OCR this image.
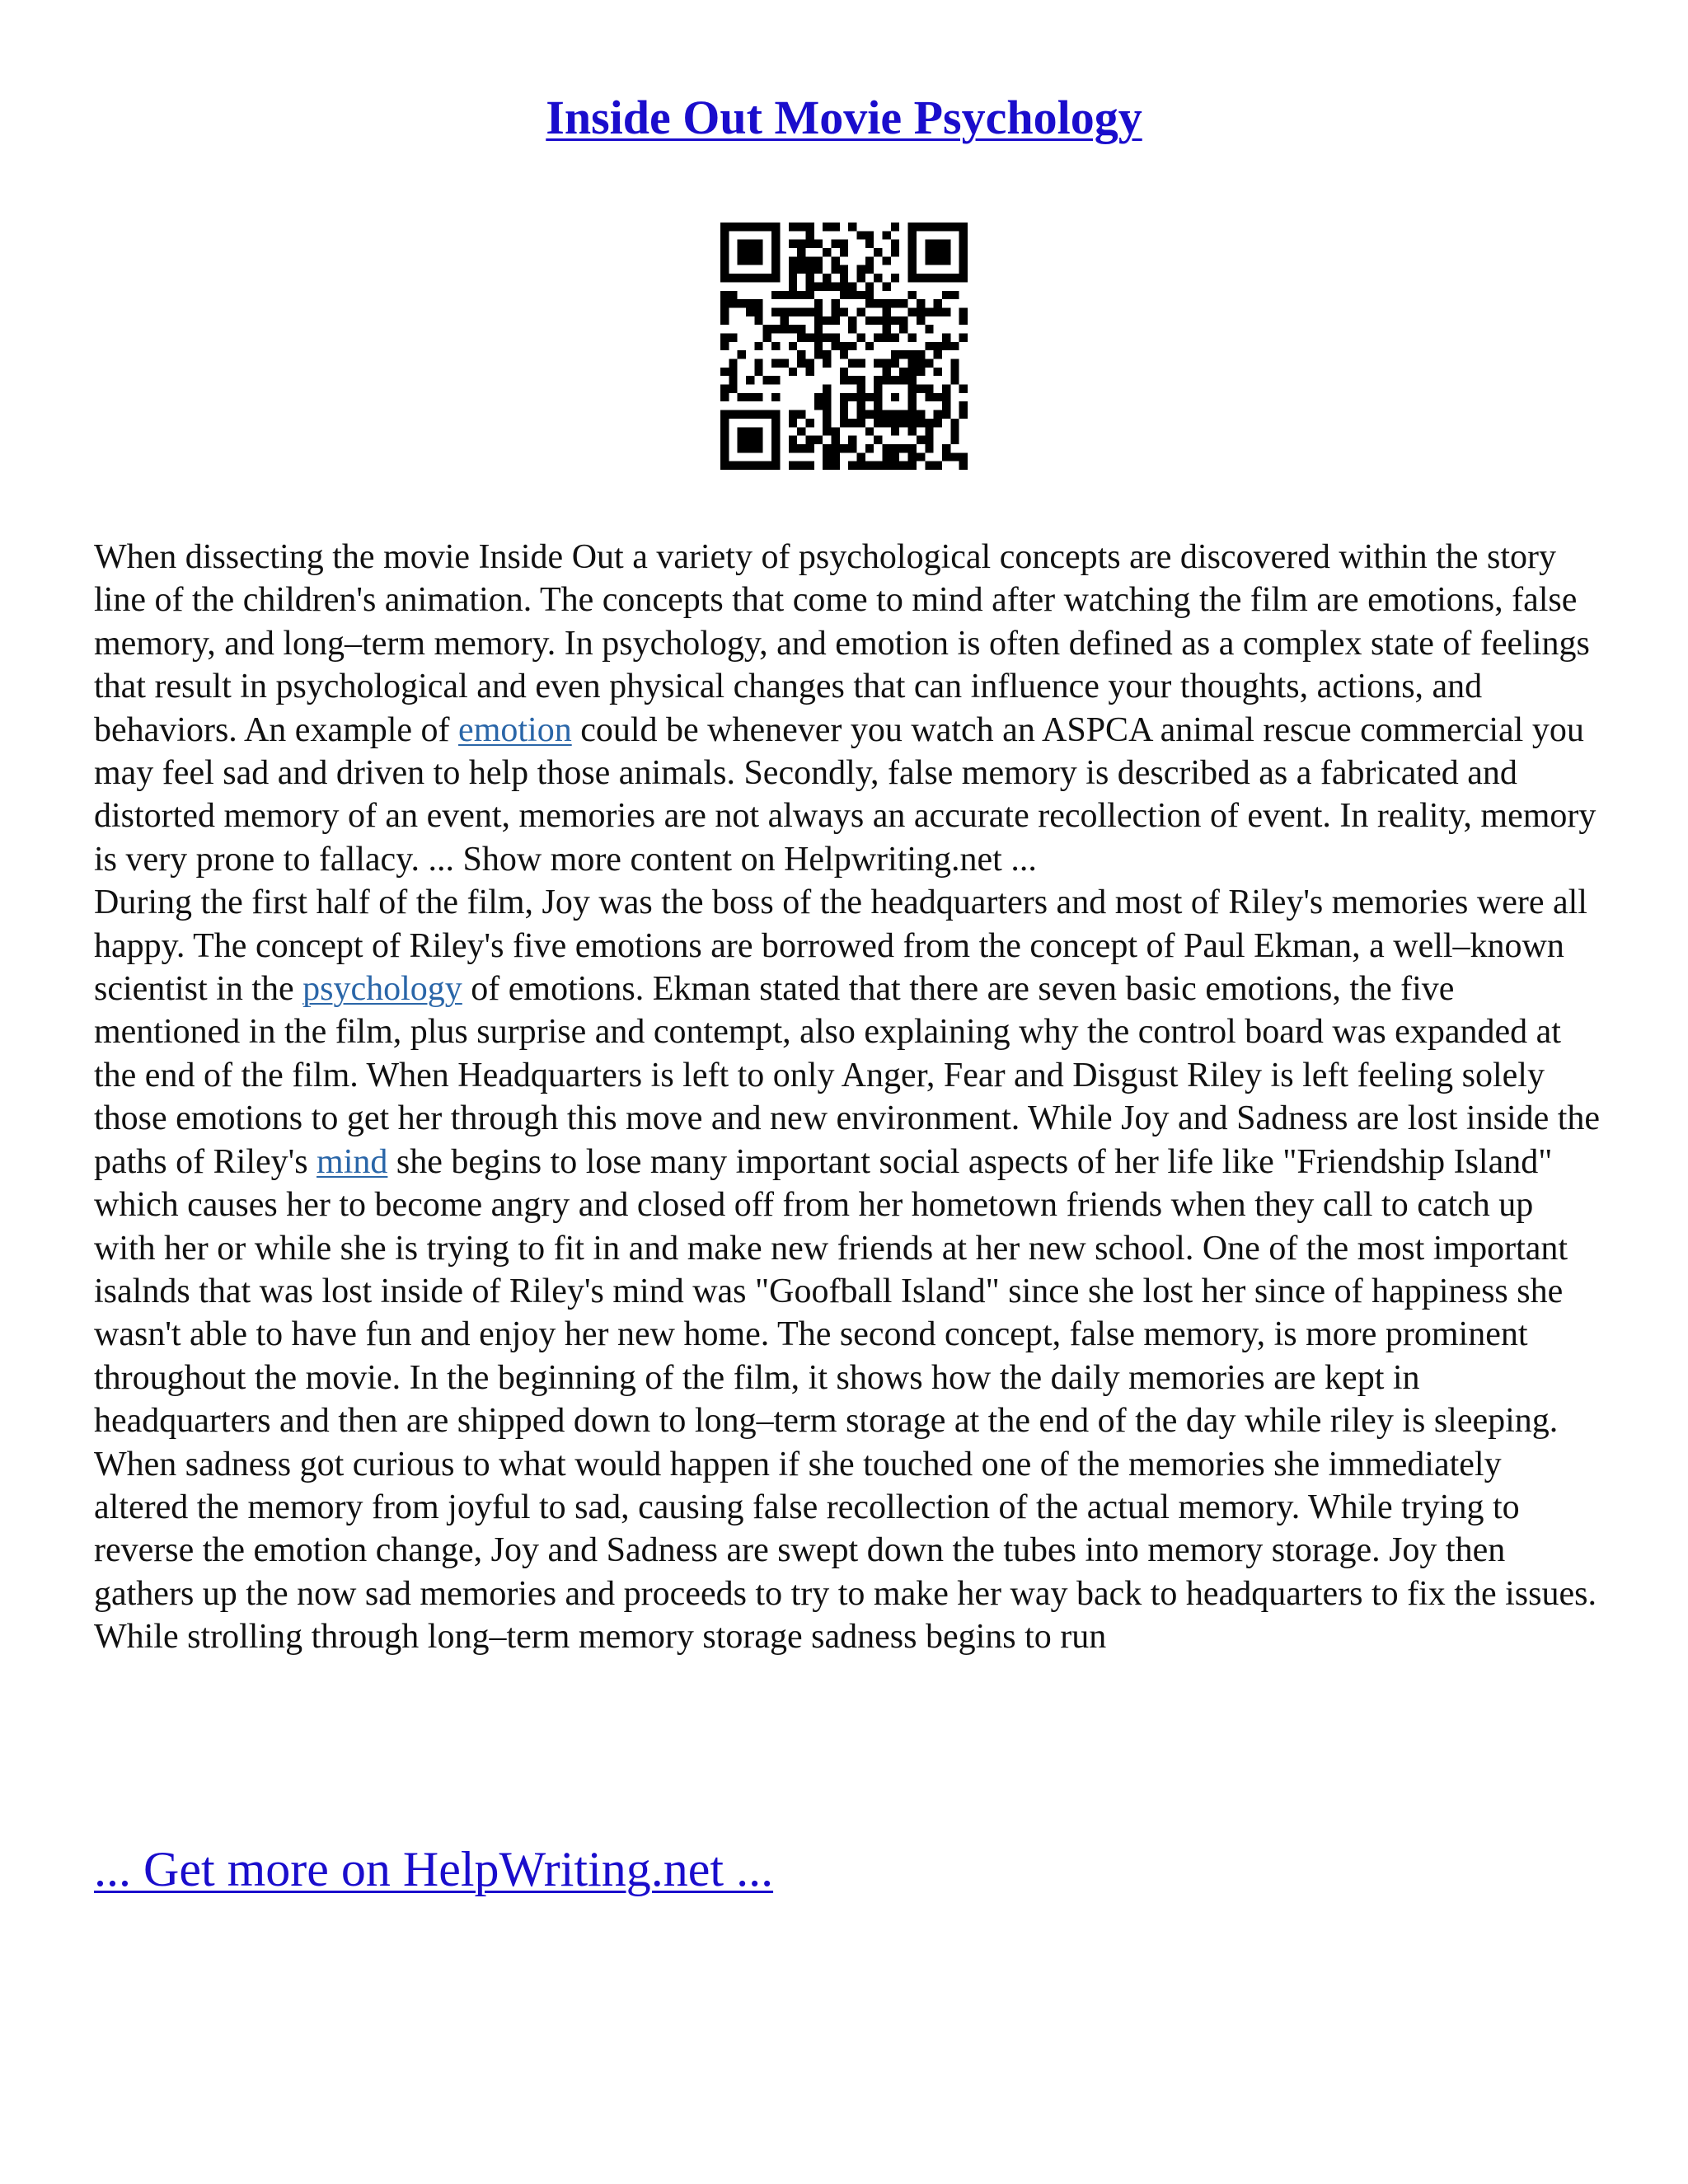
Inside Out Movie Psychology

When dissecting the movie Inside Out a variety of psychological concepts are discovered within the story line of the children's animation. The concepts that come to mind after watching the film are emotions, false memory, and long–term memory. In psychology, and emotion is often defined as a complex state of feelings that result in psychological and even physical changes that can influence your thoughts, actions, and behaviors. An example of emotion could be whenever you watch an ASPCA animal rescue commercial you may feel sad and driven to help those animals. Secondly, false memory is described as a fabricated and distorted memory of an event, memories are not always an accurate recollection of event. In reality, memory is very prone to fallacy. ... Show more content on Helpwriting.net ...

During the first half of the film, Joy was the boss of the headquarters and most of Riley's memories were all happy. The concept of Riley's five emotions are borrowed from the concept of Paul Ekman, a well–known scientist in the psychology of emotions. Ekman stated that there are seven basic emotions, the five mentioned in the film, plus surprise and contempt, also explaining why the control board was expanded at the end of the film. When Headquarters is left to only Anger, Fear and Disgust Riley is left feeling solely those emotions to get her through this move and new environment. While Joy and Sadness are lost inside the paths of Riley's mind she begins to lose many important social aspects of her life like "Friendship Island" which causes her to become angry and closed off from her hometown friends when they call to catch up with her or while she is trying to fit in and make new friends at her new school. One of the most important isalnds that was lost inside of Riley's mind was "Goofball Island" since she lost her since of happiness she wasn't able to have fun and enjoy her new home. The second concept, false memory, is more prominent throughout the movie. In the beginning of the film, it shows how the daily memories are kept in headquarters and then are shipped down to long–term storage at the end of the day while riley is sleeping. When sadness got curious to what would happen if she touched one of the memories she immediately altered the memory from joyful to sad, causing false recollection of the actual memory. While trying to reverse the emotion change, Joy and Sadness are swept down the tubes into memory storage. Joy then gathers up the now sad memories and proceeds to try to make her way back to headquarters to fix the issues. While strolling through long–term memory storage sadness begins to run

... Get more on HelpWriting.net ...
